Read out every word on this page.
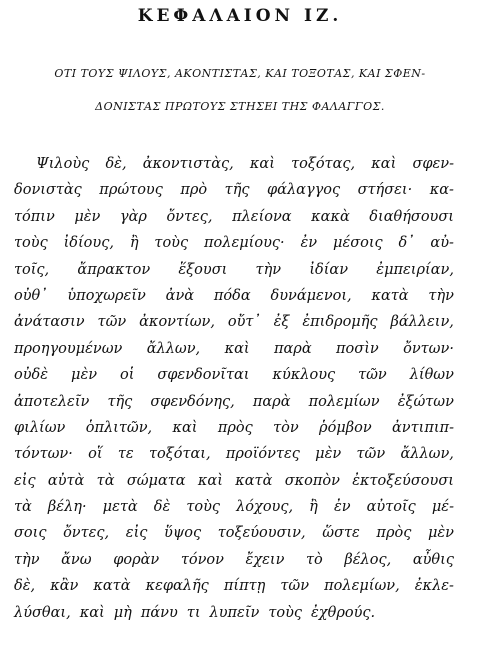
ΚΕΦΑΛΑΙΟΝ ΙΖ.
ΟΤΙ ΤΟΥΣ ΨΙΛΟΥΣ, ΑΚΟΝΤΙΣΤΑΣ, ΚΑΙ ΤΟΞΟΤΑΣ, ΚΑΙ ΣΦΕΝ-
ΔΟΝΙΣΤΑΣ ΠΡΩΤΟΥΣ ΣΤΗΣΕΙ ΤΗΣ ΦΑΛΑΓΓΟΣ.
Ψιλοὺς δὲ, ἀκοντιστὰς, καὶ τοξότας, καὶ σφεν-
δονιστὰς πρώτους πρὸ τῆς φάλαγγος στήσει· κα-
τόπιν μὲν γὰρ ὄντες, πλείονα κακὰ διαθήσουσι
τοὺς ἰδίους, ἢ τοὺς πολεμίους· ἐν μέσοις δ᾽ αὐ-
τοῖς, ἄπρακτον ἕξουσι τὴν ἰδίαν ἐμπειρίαν,
οὐθ᾽ ὑποχωρεῖν ἀνὰ πόδα δυνάμενοι, κατὰ τὴν
ἀνάτασιν τῶν ἀκοντίων, οὔτ᾽ ἐξ ἐπιδρομῆς βάλλειν,
προηγουμένων ἄλλων, καὶ παρὰ ποσὶν ὄντων·
οὐδὲ μὲν οἱ σφενδονῖται κύκλους τῶν λίθων
ἀποτελεῖν τῆς σφενδόνης, παρὰ πολεμίων ἐξώτων
φιλίων ὁπλιτῶν, καὶ πρὸς τὸν ῥόμβον ἀντιπιπ-
τόντων· οἵ τε τοξόται, προϊόντες μὲν τῶν ἄλλων,
εἰς αὐτὰ τὰ σώματα καὶ κατὰ σκοπὸν ἐκτοξεύσουσι
τὰ βέλη· μετὰ δὲ τοὺς λόχους, ἢ ἐν αὐτοῖς μέ-
σοις ὄντες, εἰς ὕψος τοξεύουσιν, ὥστε πρὸς μὲν
τὴν ἄνω φορὰν τόνον ἔχειν τὸ βέλος, αὖθις
δὲ, κἂν κατὰ κεφαλῆς πίπτῃ τῶν πολεμίων, ἐκλε-
λύσθαι, καὶ μὴ πάνυ τι λυπεῖν τοὺς ἐχθρούς.
